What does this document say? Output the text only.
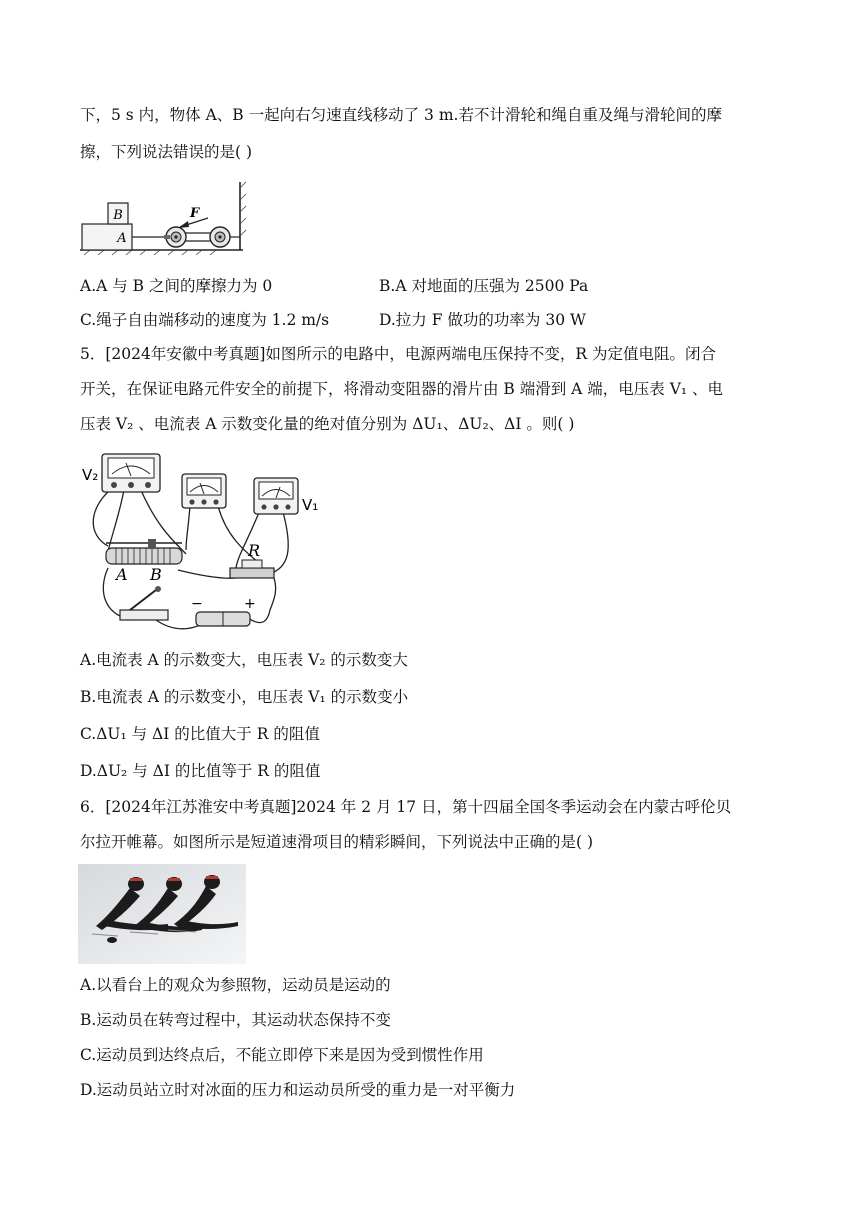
下，5 s 内，物体 A、B 一起向右匀速直线移动了 3 m.若不计滑轮和绳自重及绳与滑轮间的摩
擦，下列说法错误的是( )
B
A
F
A.A 与 B 之间的摩擦力为 0	B.A 对地面的压强为 2500 Pa
C.绳子自由端移动的速度为 1.2 m/s	D.拉力 F 做功的功率为 30 W
5．[2024年安徽中考真题]如图所示的电路中，电源两端电压保持不变，R 为定值电阻。闭合
开关，在保证电路元件安全的前提下，将滑动变阻器的滑片由 B 端滑到 A 端，电压表 V₁ 、电
压表 V₂ 、电流表 A 示数变化量的绝对值分别为 ΔU₁、ΔU₂、ΔI 。则( )
V₂
V₁
A B
R
−	+
A.电流表 A 的示数变大，电压表 V₂ 的示数变大
B.电流表 A 的示数变小，电压表 V₁ 的示数变小
C.ΔU₁ 与 ΔI 的比值大于 R 的阻值
D.ΔU₂ 与 ΔI 的比值等于 R 的阻值
6．[2024年江苏淮安中考真题]2024 年 2 月 17 日，第十四届全国冬季运动会在内蒙古呼伦贝
尔拉开帷幕。如图所示是短道速滑项目的精彩瞬间，下列说法中正确的是( )
A.以看台上的观众为参照物，运动员是运动的
B.运动员在转弯过程中，其运动状态保持不变
C.运动员到达终点后，不能立即停下来是因为受到惯性作用
D.运动员站立时对冰面的压力和运动员所受的重力是一对平衡力
